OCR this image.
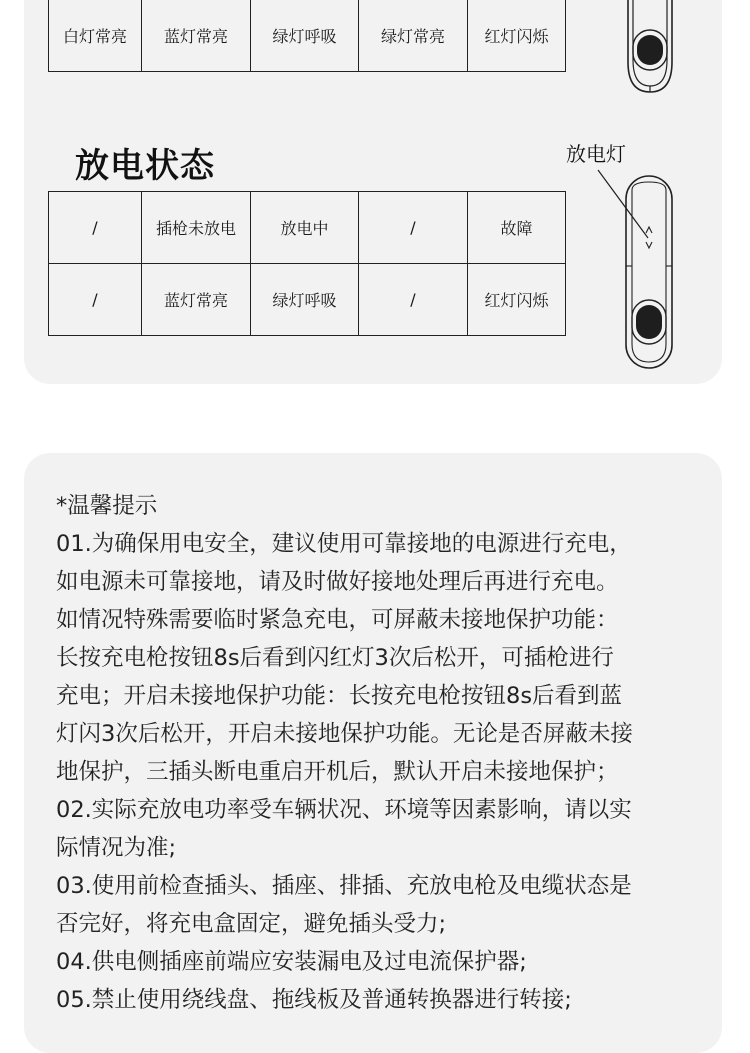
白灯常亮	蓝灯常亮	绿灯呼吸	绿灯常亮	红灯闪烁
放电状态	放电灯
/	插枪未放电	放电中	/	故障
/	蓝灯常亮	绿灯呼吸	/	红灯闪烁

*温馨提示

01.为确保用电安全，建议使用可靠接地的电源进行充电，

如电源未可靠接地，请及时做好接地处理后再进行充电。

如情况特殊需要临时紧急充电，可屏蔽未接地保护功能：

长按充电枪按钮8s后看到闪红灯3次后松开，可插枪进行

充电；开启未接地保护功能：长按充电枪按钮8s后看到蓝

灯闪3次后松开，开启未接地保护功能。无论是否屏蔽未接

地保护，三插头断电重启开机后，默认开启未接地保护；

02.实际充放电功率受车辆状况、环境等因素影响，请以实

际情况为准;

03.使用前检查插头、插座、排插、充放电枪及电缆状态是

否完好，将充电盒固定，避免插头受力;

04.供电侧插座前端应安装漏电及过电流保护器;

05.禁止使用绕线盘、拖线板及普通转换器进行转接;
